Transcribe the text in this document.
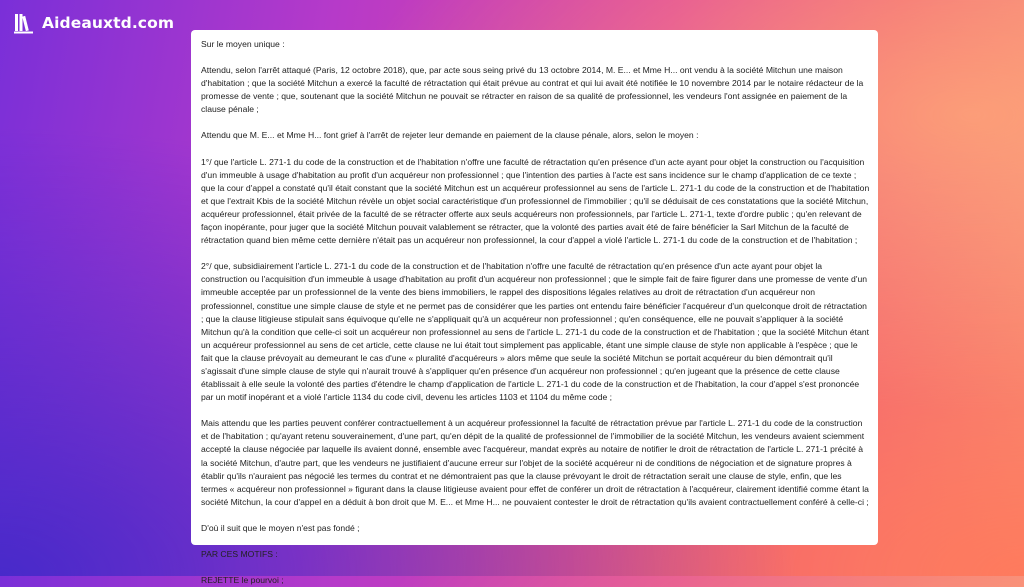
Aideauxtd.com

Sur le moyen unique :

Attendu, selon l'arrêt attaqué (Paris, 12 octobre 2018), que, par acte sous seing privé du 13 octobre 2014, M. E... et Mme H... ont vendu à la société Mitchun une maison d'habitation ; que la société Mitchun a exercé la faculté de rétractation qui était prévue au contrat et qui lui avait été notifiée le 10 novembre 2014 par le notaire rédacteur de la promesse de vente ; que, soutenant que la société Mitchun ne pouvait se rétracter en raison de sa qualité de professionnel, les vendeurs l'ont assignée en paiement de la clause pénale ;

Attendu que M. E... et Mme H... font grief à l'arrêt de rejeter leur demande en paiement de la clause pénale, alors, selon le moyen :

1°/ que l'article L. 271-1 du code de la construction et de l'habitation n'offre une faculté de rétractation qu'en présence d'un acte ayant pour objet la construction ou l'acquisition d'un immeuble à usage d'habitation au profit d'un acquéreur non professionnel ; que l'intention des parties à l'acte est sans incidence sur le champ d'application de ce texte ; que la cour d'appel a constaté qu'il était constant que la société Mitchun est un acquéreur professionnel au sens de l'article L. 271-1 du code de la construction et de l'habitation et que l'extrait Kbis de la société Mitchun révèle un objet social caractéristique d'un professionnel de l'immobilier ; qu'il se déduisait de ces constatations que la société Mitchun, acquéreur professionnel, était privée de la faculté de se rétracter offerte aux seuls acquéreurs non professionnels, par l'article L. 271-1, texte d'ordre public ; qu'en relevant de façon inopérante, pour juger que la société Mitchun pouvait valablement se rétracter, que la volonté des parties avait été de faire bénéficier la Sarl Mitchun de la faculté de rétractation quand bien même cette dernière n'était pas un acquéreur non professionnel, la cour d'appel a violé l'article L. 271-1 du code de la construction et de l'habitation ;

2°/ que, subsidiairement l'article L. 271-1 du code de la construction et de l'habitation n'offre une faculté de rétractation qu'en présence d'un acte ayant pour objet la construction ou l'acquisition d'un immeuble à usage d'habitation au profit d'un acquéreur non professionnel ; que le simple fait de faire figurer dans une promesse de vente d'un immeuble acceptée par un professionnel de la vente des biens immobiliers, le rappel des dispositions légales relatives au droit de rétractation d'un acquéreur non professionnel, constitue une simple clause de style et ne permet pas de considérer que les parties ont entendu faire bénéficier l'acquéreur d'un quelconque droit de rétractation ; que la clause litigieuse stipulait sans équivoque qu'elle ne s'appliquait qu'à un acquéreur non professionnel ; qu'en conséquence, elle ne pouvait s'appliquer à la société Mitchun qu'à la condition que celle-ci soit un acquéreur non professionnel au sens de l'article L. 271-1 du code de la construction et de l'habitation ; que la société Mitchun étant un acquéreur professionnel au sens de cet article, cette clause ne lui était tout simplement pas applicable, étant une simple clause de style non applicable à l'espèce ; que le fait que la clause prévoyait au demeurant le cas d'une « pluralité d'acquéreurs » alors même que seule la société Mitchun se portait acquéreur du bien démontrait qu'il s'agissait d'une simple clause de style qui n'aurait trouvé à s'appliquer qu'en présence d'un acquéreur non professionnel ; qu'en jugeant que la présence de cette clause établissait à elle seule la volonté des parties d'étendre le champ d'application de l'article L. 271-1 du code de la construction et de l'habitation, la cour d'appel s'est prononcée par un motif inopérant et a violé l'article 1134 du code civil, devenu les articles 1103 et 1104 du même code ;

Mais attendu que les parties peuvent conférer contractuellement à un acquéreur professionnel la faculté de rétractation prévue par l'article L. 271-1 du code de la construction et de l'habitation ; qu'ayant retenu souverainement, d'une part, qu'en dépit de la qualité de professionnel de l'immobilier de la société Mitchun, les vendeurs avaient sciemment accepté la clause négociée par laquelle ils avaient donné, ensemble avec l'acquéreur, mandat exprès au notaire de notifier le droit de rétractation de l'article L. 271-1 précité à la société Mitchun, d'autre part, que les vendeurs ne justifiaient d'aucune erreur sur l'objet de la société acquéreur ni de conditions de négociation et de signature propres à établir qu'ils n'auraient pas négocié les termes du contrat et ne démontraient pas que la clause prévoyant le droit de rétractation serait une clause de style, enfin, que les termes « acquéreur non professionnel » figurant dans la clause litigieuse avaient pour effet de conférer un droit de rétractation à l'acquéreur, clairement identifié comme étant la société Mitchun, la cour d'appel en a déduit à bon droit que M. E... et Mme H... ne pouvaient contester le droit de rétractation qu'ils avaient contractuellement conféré à celle-ci ;

D'où il suit que le moyen n'est pas fondé ;

PAR CES MOTIFS :

REJETTE le pourvoi ;
